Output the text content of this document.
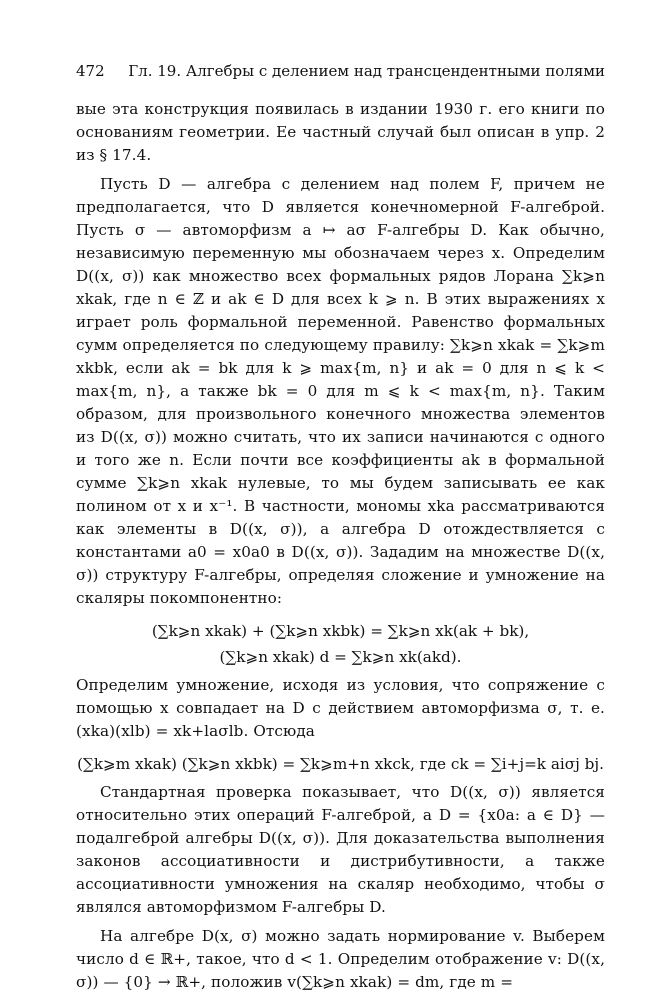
472 Гл. 19. Алгебры с делением над трансцендентными полями

вые эта конструкция появилась в издании 1930 г. его книги по основаниям геометрии. Ее частный случай был описан в упр. 2 из § 17.4.

Пусть D — алгебра с делением над полем F, причем не предполагается, что D является конечномерной F-алгеброй. Пусть σ — автоморфизм a ↦ aσ F-алгебры D. Как обычно, независимую переменную мы обозначаем через x. Определим D((x, σ)) как множество всех формальных рядов Лорана ∑k⩾n xkak, где n ∈ ℤ и ak ∈ D для всех k ⩾ n. В этих выражениях x играет роль формальной переменной. Равенство формальных сумм определяется по следующему правилу: ∑k⩾n xkak = ∑k⩾m xkbk, если ak = bk для k ⩾ max{m, n} и ak = 0 для n ⩽ k < max{m, n}, а также bk = 0 для m ⩽ k < max{m, n}. Таким образом, для произвольного конечного множества элементов из D((x, σ)) можно считать, что их записи начинаются с одного и того же n. Если почти все коэффициенты ak в формальной сумме ∑k⩾n xkak нулевые, то мы будем записывать ее как полином от x и x⁻¹. В частности, мономы xka рассматриваются как элементы в D((x, σ)), а алгебра D отождествляется с константами a0 = x0a0 в D((x, σ)). Зададим на множестве D((x, σ)) структуру F-алгебры, определяя сложение и умножение на скаляры покомпонентно:

(∑k⩾n xkak) + (∑k⩾n xkbk) = ∑k⩾n xk(ak + bk),
(∑k⩾n xkak) d = ∑k⩾n xk(akd).

Определим умножение, исходя из условия, что сопряжение с помощью x совпадает на D с действием автоморфизма σ, т. е. (xka)(xlb) = xk+laσlb. Отсюда

(∑k⩾m xkak) (∑k⩾n xkbk) = ∑k⩾m+n xkck, где ck = ∑i+j=k aiσj bj.

Стандартная проверка показывает, что D((x, σ)) является относительно этих операций F-алгеброй, а D = {x0a: a ∈ D} — подалгеброй алгебры D((x, σ)). Для доказательства выполнения законов ассоциативности и дистрибутивности, а также ассоциативности умножения на скаляр необходимо, чтобы σ являлся автоморфизмом F-алгебры D.

На алгебре D(x, σ) можно задать нормирование v. Выберем число d ∈ ℝ+, такое, что d < 1. Определим отображение v: D((x, σ)) — {0} → ℝ+, положив v(∑k⩾n xkak) = dm, где m =
